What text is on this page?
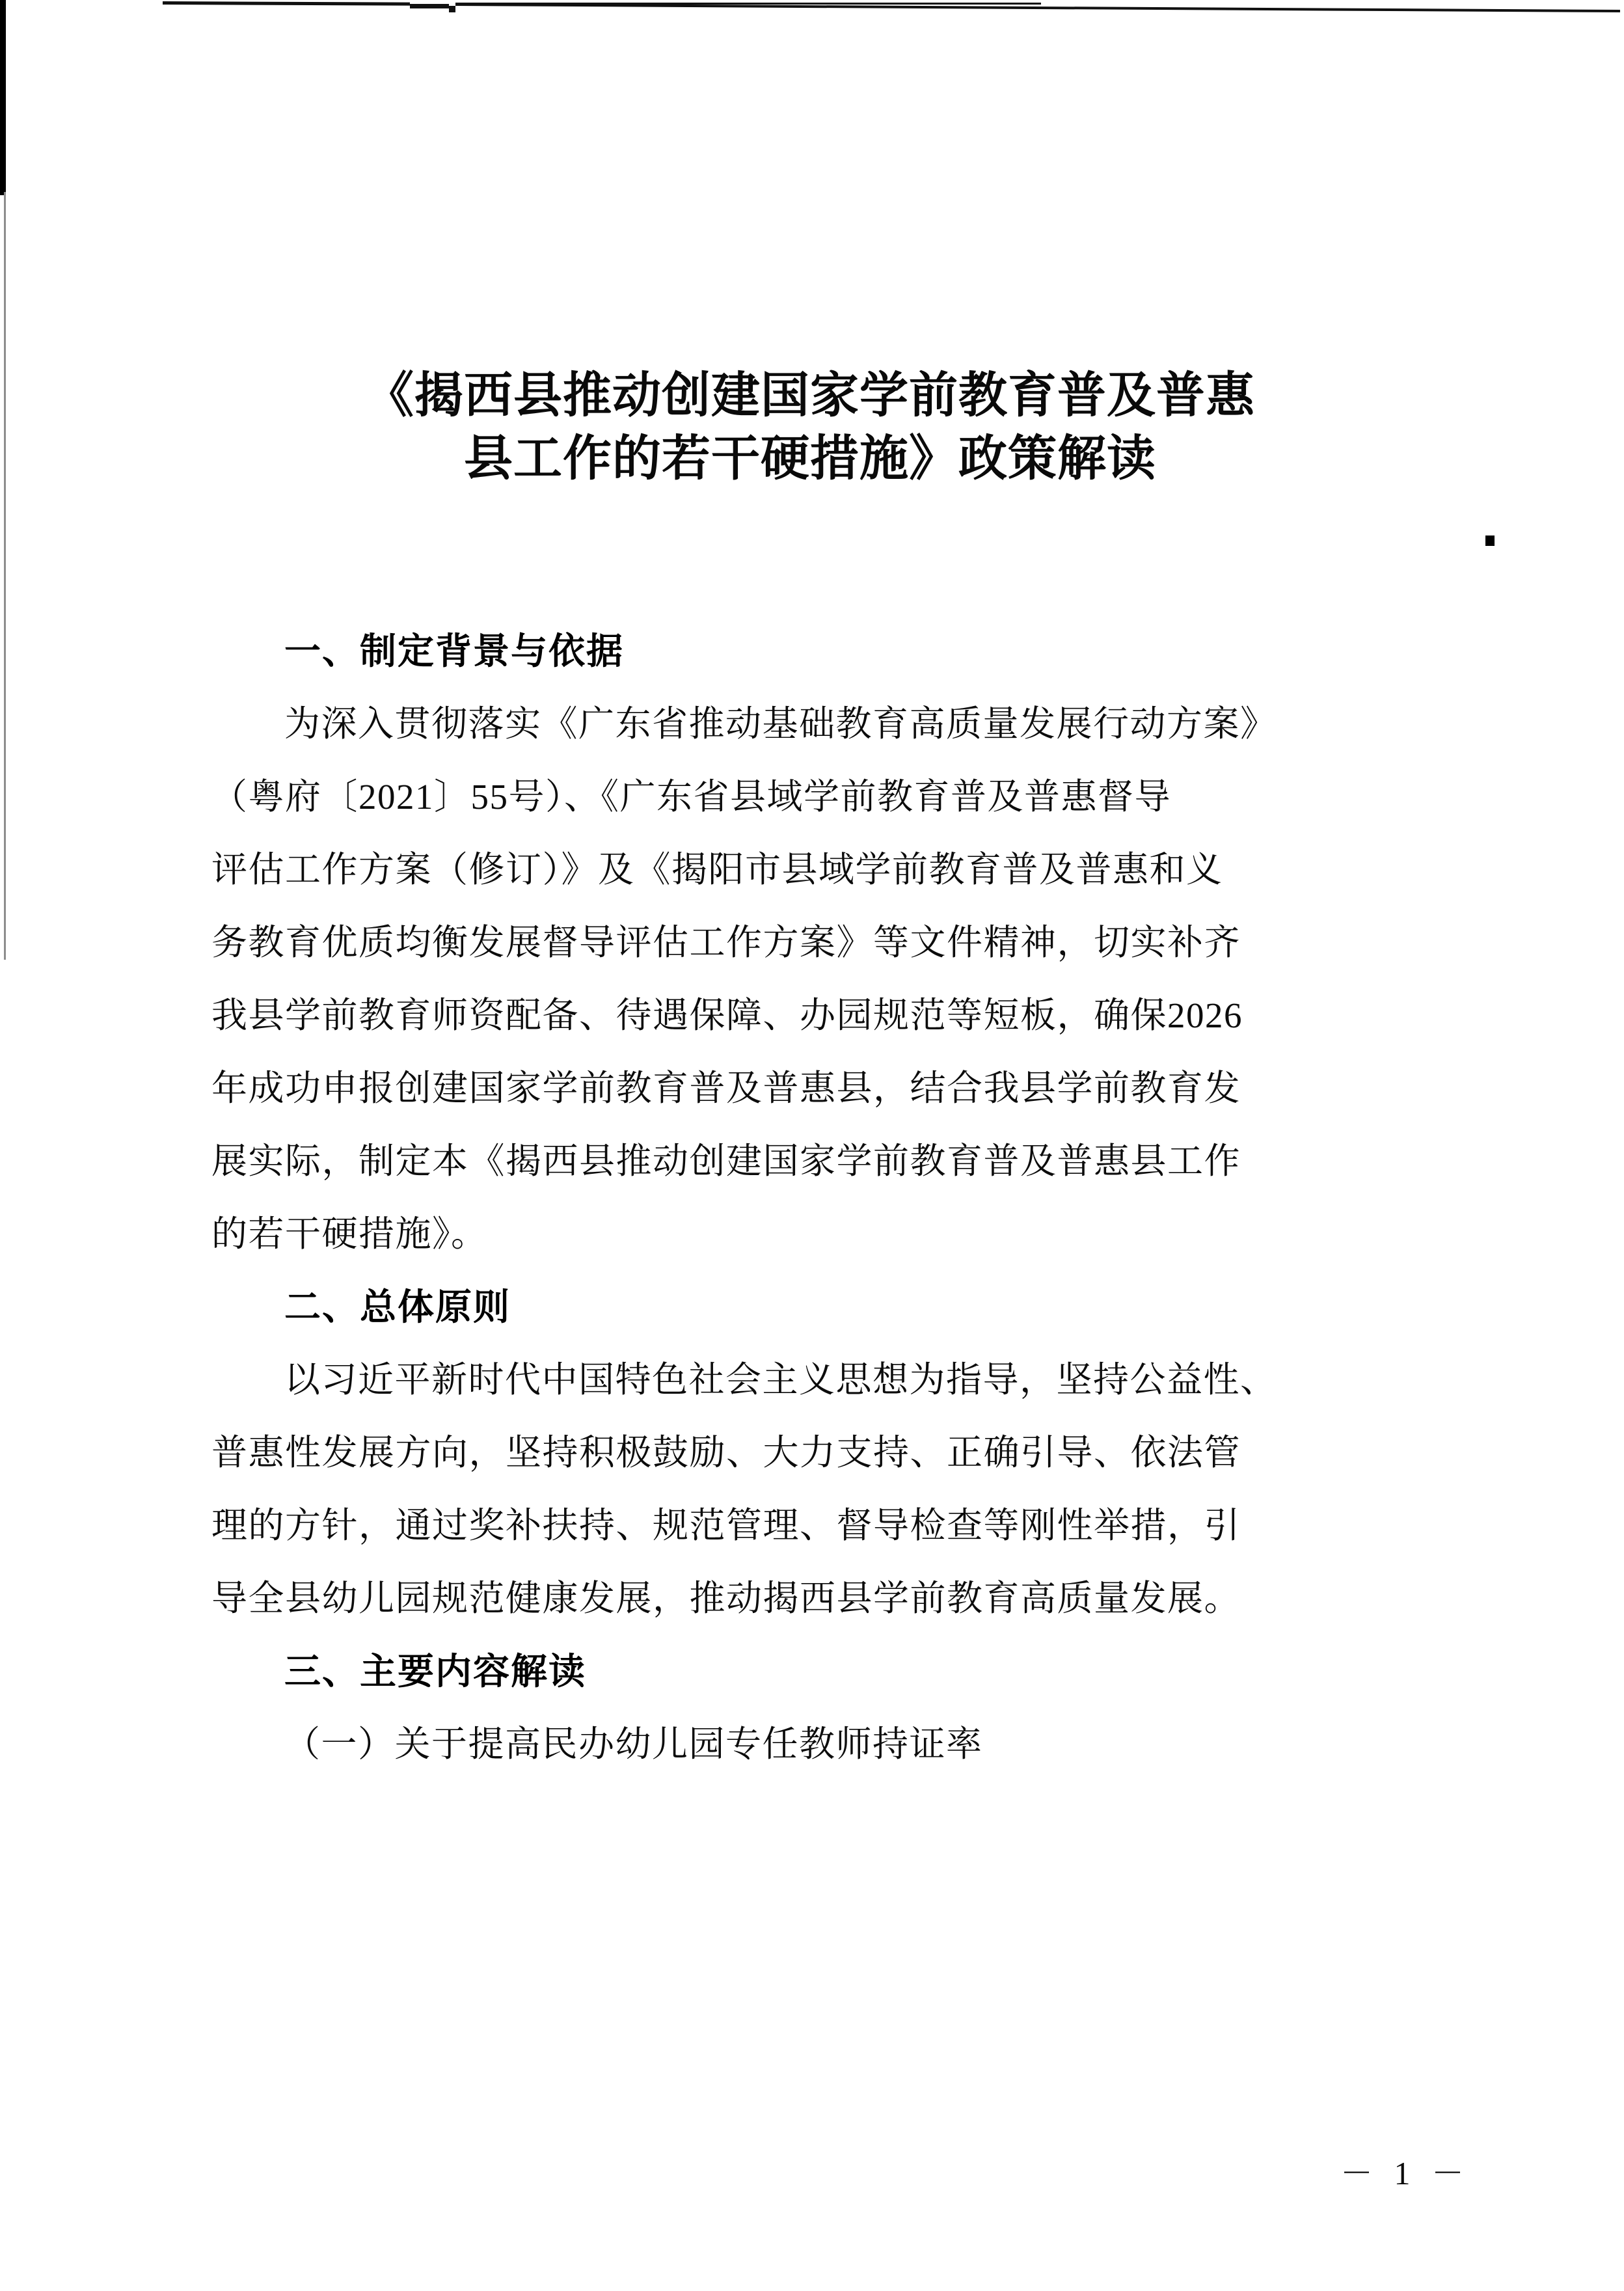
《揭西县推动创建国家学前教育普及普惠
县工作的若干硬措施》政策解读
一、制定背景与依据

为深入贯彻落实《广东省推动基础教育高质量发展行动方案》
（粤府〔2021〕55号）、《广东省县域学前教育普及普惠督导
评估工作方案（修订）》及《揭阳市县域学前教育普及普惠和义
务教育优质均衡发展督导评估工作方案》等文件精神，切实补齐
我县学前教育师资配备、待遇保障、办园规范等短板，确保2026
年成功申报创建国家学前教育普及普惠县，结合我县学前教育发
展实际，制定本《揭西县推动创建国家学前教育普及普惠县工作
的若干硬措施》。

二、总体原则

以习近平新时代中国特色社会主义思想为指导，坚持公益性、
普惠性发展方向，坚持积极鼓励、大力支持、正确引导、依法管
理的方针，通过奖补扶持、规范管理、督导检查等刚性举措，引
导全县幼儿园规范健康发展，推动揭西县学前教育高质量发展。

三、主要内容解读

（一）关于提高民办幼儿园专任教师持证率

－ 1 －
